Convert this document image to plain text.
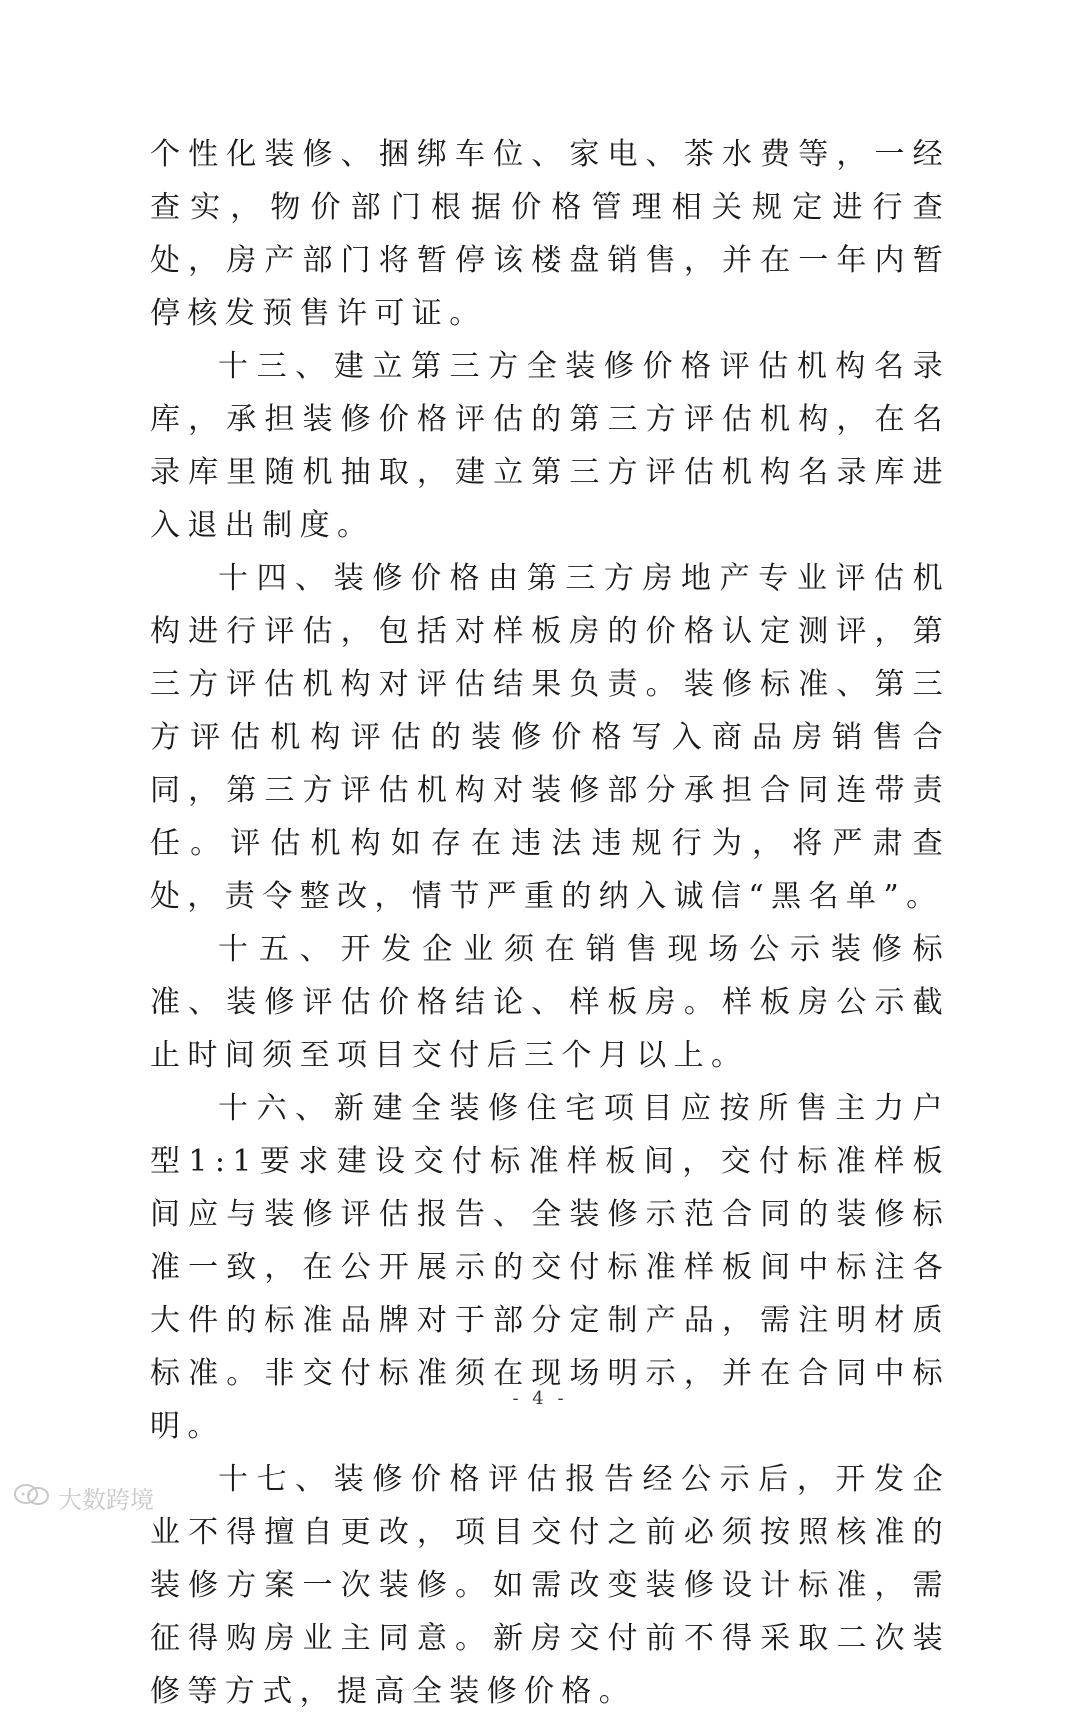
个性化装修、捆绑车位、家电、茶水费等，一经查实，物价部门根据价格管理相关规定进行查处，房产部门将暂停该楼盘销售，并在一年内暂停核发预售许可证。

十三、建立第三方全装修价格评估机构名录库，承担装修价格评估的第三方评估机构，在名录库里随机抽取，建立第三方评估机构名录库进入退出制度。

十四、装修价格由第三方房地产专业评估机构进行评估，包括对样板房的价格认定测评，第三方评估机构对评估结果负责。装修标准、第三方评估机构评估的装修价格写入商品房销售合同，第三方评估机构对装修部分承担合同连带责任。评估机构如存在违法违规行为，将严肃查处，责令整改，情节严重的纳入诚信“黑名单”。

十五、开发企业须在销售现场公示装修标准、装修评估价格结论、样板房。样板房公示截止时间须至项目交付后三个月以上。

十六、新建全装修住宅项目应按所售主力户型1:1要求建设交付标准样板间，交付标准样板间应与装修评估报告、全装修示范合同的装修标准一致，在公开展示的交付标准样板间中标注各大件的标准品牌对于部分定制产品，需注明材质标准。非交付标准须在现场明示，并在合同中标明。

十七、装修价格评估报告经公示后，开发企业不得擅自更改，项目交付之前必须按照核准的装修方案一次装修。如需改变装修设计标准，需征得购房业主同意。新房交付前不得采取二次装修等方式，提高全装修价格。

- 4 -
大数跨境
